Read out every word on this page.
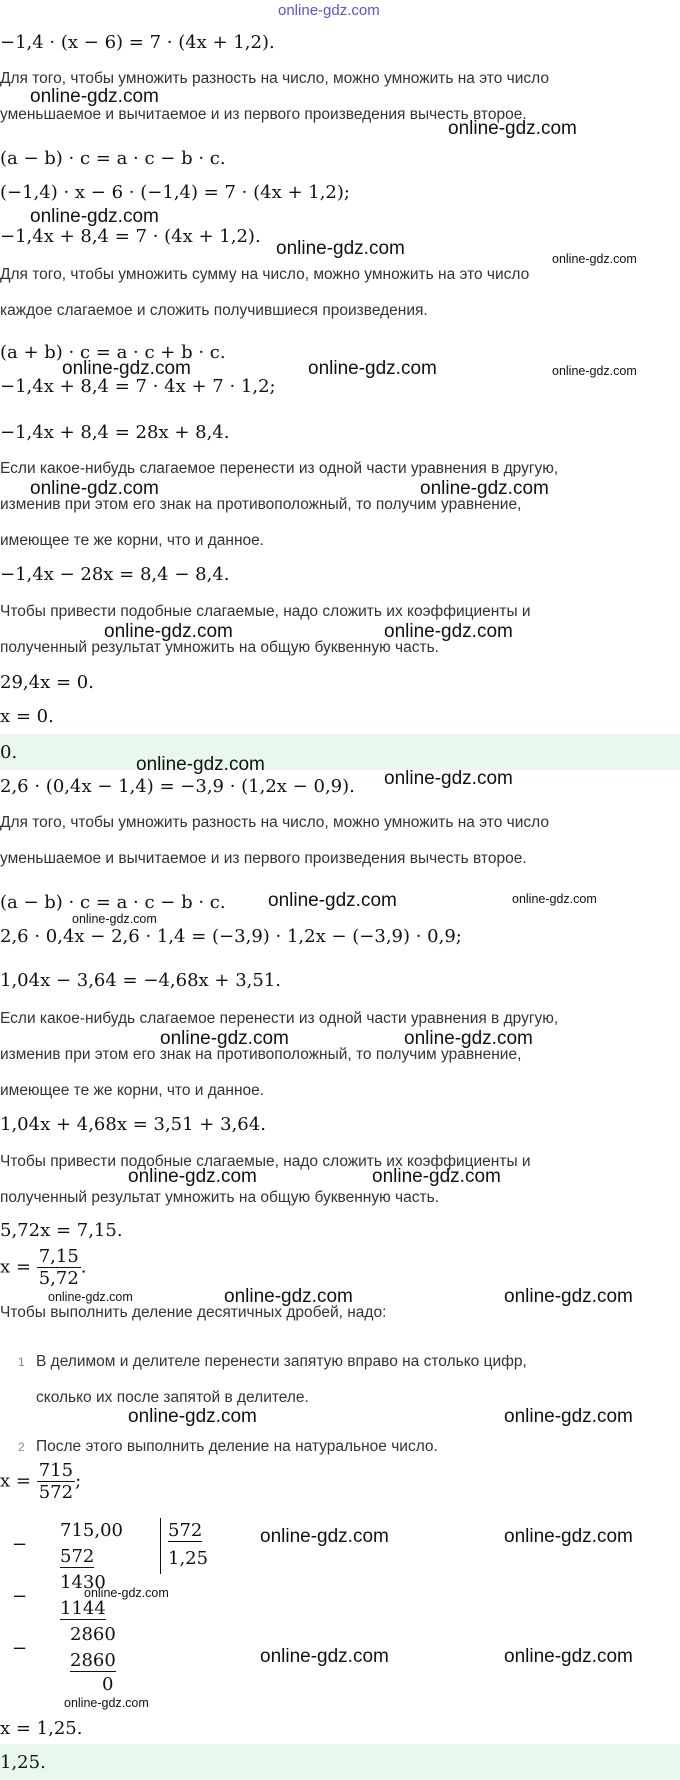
online-gdz.com
−1,4 · (x − 6) = 7 · (4x + 1,2).
Для того, чтобы умножить разность на число, можно умножить на это число
уменьшаемое и вычитаемое и из первого произведения вычесть второе.
(a − b) · c = a · c − b · c.
(−1,4) · x − 6 · (−1,4) = 7 · (4x + 1,2);
−1,4x + 8,4 = 7 · (4x + 1,2).
Для того, чтобы умножить сумму на число, можно умножить на это число
каждое слагаемое и сложить получившиеся произведения.
(a + b) · c = a · c + b · c.
−1,4x + 8,4 = 7 · 4x + 7 · 1,2;
−1,4x + 8,4 = 28x + 8,4.
Если какое-нибудь слагаемое перенести из одной части уравнения в другую,
изменив при этом его знак на противоположный, то получим уравнение,
имеющее те же корни, что и данное.
−1,4x − 28x = 8,4 − 8,4.
Чтобы привести подобные слагаемые, надо сложить их коэффициенты и
полученный результат умножить на общую буквенную часть.
29,4x = 0.
x = 0.
0.
2,6 · (0,4x − 1,4) = −3,9 · (1,2x − 0,9).
Для того, чтобы умножить разность на число, можно умножить на это число
уменьшаемое и вычитаемое и из первого произведения вычесть второе.
(a − b) · c = a · c − b · c.
2,6 · 0,4x − 2,6 · 1,4 = (−3,9) · 1,2x − (−3,9) · 0,9;
1,04x − 3,64 = −4,68x + 3,51.
Если какое-нибудь слагаемое перенести из одной части уравнения в другую,
изменив при этом его знак на противоположный, то получим уравнение,
имеющее те же корни, что и данное.
1,04x + 4,68x = 3,51 + 3,64.
Чтобы привести подобные слагаемые, надо сложить их коэффициенты и
полученный результат умножить на общую буквенную часть.
5,72x = 7,15.
$x = \frac{7,15}{5,72}$ .
Чтобы выполнить деление десятичных дробей, надо:
1 В делимом и делителе перенести запятую вправо на столько цифр,
сколько их после запятой в делителе.
2 После этого выполнить деление на натуральное число.
$x = \frac{715}{572}$ ;
−
715,00
572
572
1,25
1430
−
1144
2860
−
2860
0
x = 1,25.
1,25.
online-gdz.com
online-gdz.com
online-gdz.com
online-gdz.com	online-gdz.com
online-gdz.com	online-gdz.com	online-gdz.com
online-gdz.com	online-gdz.com
online-gdz.com	online-gdz.com
online-gdz.com
online-gdz.com
online-gdz.com	online-gdz.com
online-gdz.com
online-gdz.com	online-gdz.com
online-gdz.com	online-gdz.com
online-gdz.com	online-gdz.com	online-gdz.com
online-gdz.com	online-gdz.com
online-gdz.com	online-gdz.com
online-gdz.com
online-gdz.com	online-gdz.com
online-gdz.com
